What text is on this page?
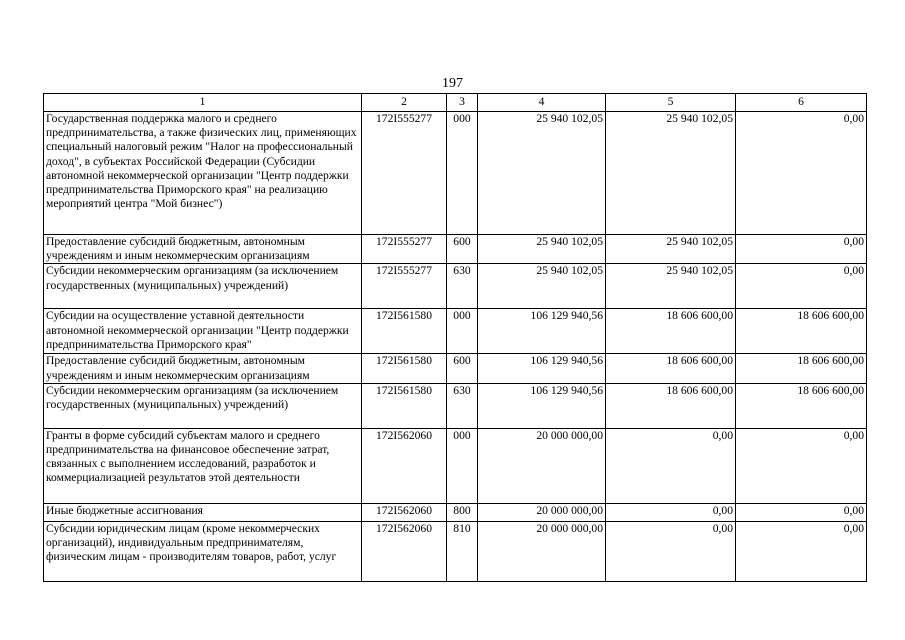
197
1	2	3	4	5	6
Государственная поддержка малого и среднего предпринимательства, а также физических лиц, применяющих специальный налоговый режим "Налог на профессиональный доход", в субъектах Российской Федерации (Субсидии автономной некоммерческой организации "Центр поддержки предпринимательства Приморского края" на реализацию мероприятий центра "Мой бизнес")	172I555277	000	25 940 102,05	25 940 102,05	0,00
Предоставление субсидий бюджетным, автономным учреждениям и иным некоммерческим организациям	172I555277	600	25 940 102,05	25 940 102,05	0,00
Субсидии некоммерческим организациям (за исключением государственных (муниципальных) учреждений)	172I555277	630	25 940 102,05	25 940 102,05	0,00
Субсидии на осуществление уставной деятельности автономной некоммерческой организации "Центр поддержки предпринимательства Приморского края"	172I561580	000	106 129 940,56	18 606 600,00	18 606 600,00
Предоставление субсидий бюджетным, автономным учреждениям и иным некоммерческим организациям	172I561580	600	106 129 940,56	18 606 600,00	18 606 600,00
Субсидии некоммерческим организациям (за исключением государственных (муниципальных) учреждений)	172I561580	630	106 129 940,56	18 606 600,00	18 606 600,00
Гранты в форме субсидий субъектам малого и среднего предпринимательства на финансовое обеспечение затрат, связанных с выполнением исследований, разработок и коммерциализацией результатов этой деятельности	172I562060	000	20 000 000,00	0,00	0,00
Иные бюджетные ассигнования	172I562060	800	20 000 000,00	0,00	0,00
Субсидии юридическим лицам (кроме некоммерческих организаций), индивидуальным предпринимателям, физическим лицам - производителям товаров, работ, услуг	172I562060	810	20 000 000,00	0,00	0,00
